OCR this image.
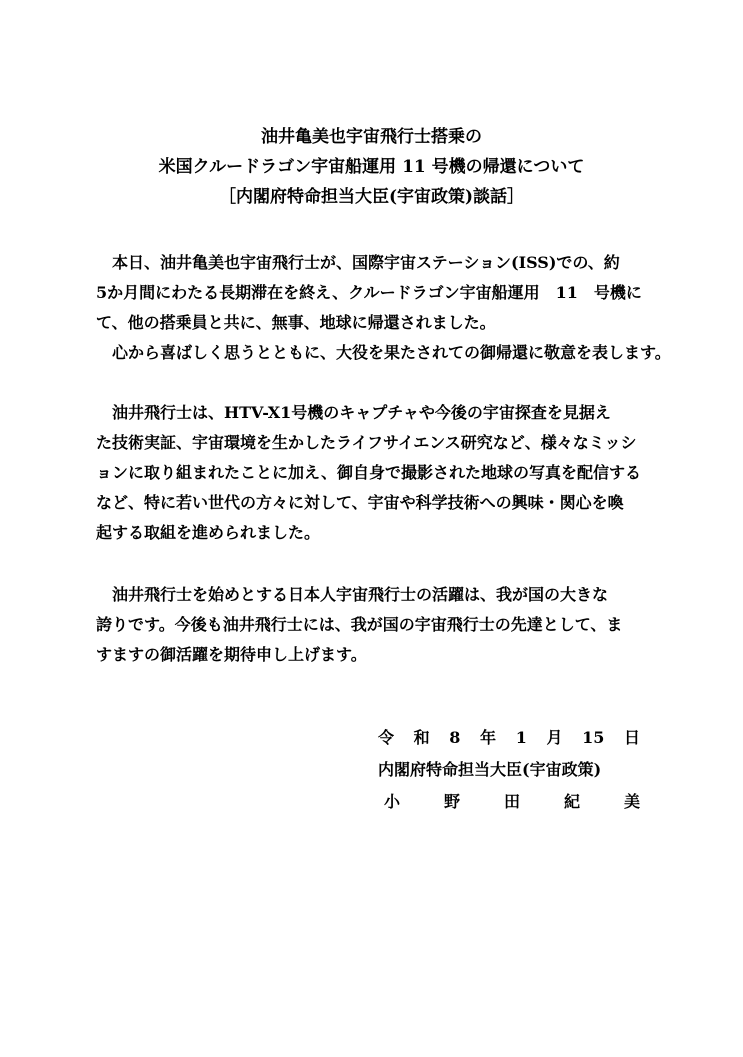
油井亀美也宇宙飛行士搭乗の
米国クルードラゴン宇宙船運用 11 号機の帰還について
［内閣府特命担当大臣(宇宙政策)談話］
本日、油井亀美也宇宙飛行士が、国際宇宙ステーション(ISS)での、約
5か月間にわたる長期滞在を終え、クルードラゴン宇宙船運用　11　号機に
て、他の搭乗員と共に、無事、地球に帰還されました。
心から喜ばしく思うとともに、大役を果たされての御帰還に敬意を表します。
油井飛行士は、HTV-X1号機のキャプチャや今後の宇宙探査を見据え
た技術実証、宇宙環境を生かしたライフサイエンス研究など、様々なミッシ
ョンに取り組まれたことに加え、御自身で撮影された地球の写真を配信する
など、特に若い世代の方々に対して、宇宙や科学技術への興味・関心を喚
起する取組を進められました。
油井飛行士を始めとする日本人宇宙飛行士の活躍は、我が国の大きな
誇りです。今後も油井飛行士には、我が国の宇宙飛行士の先達として、ま
すますの御活躍を期待申し上げます。
令 和 8 年 1 月 15 日
内閣府特命担当大臣(宇宙政策)
小	野	田	紀	美
